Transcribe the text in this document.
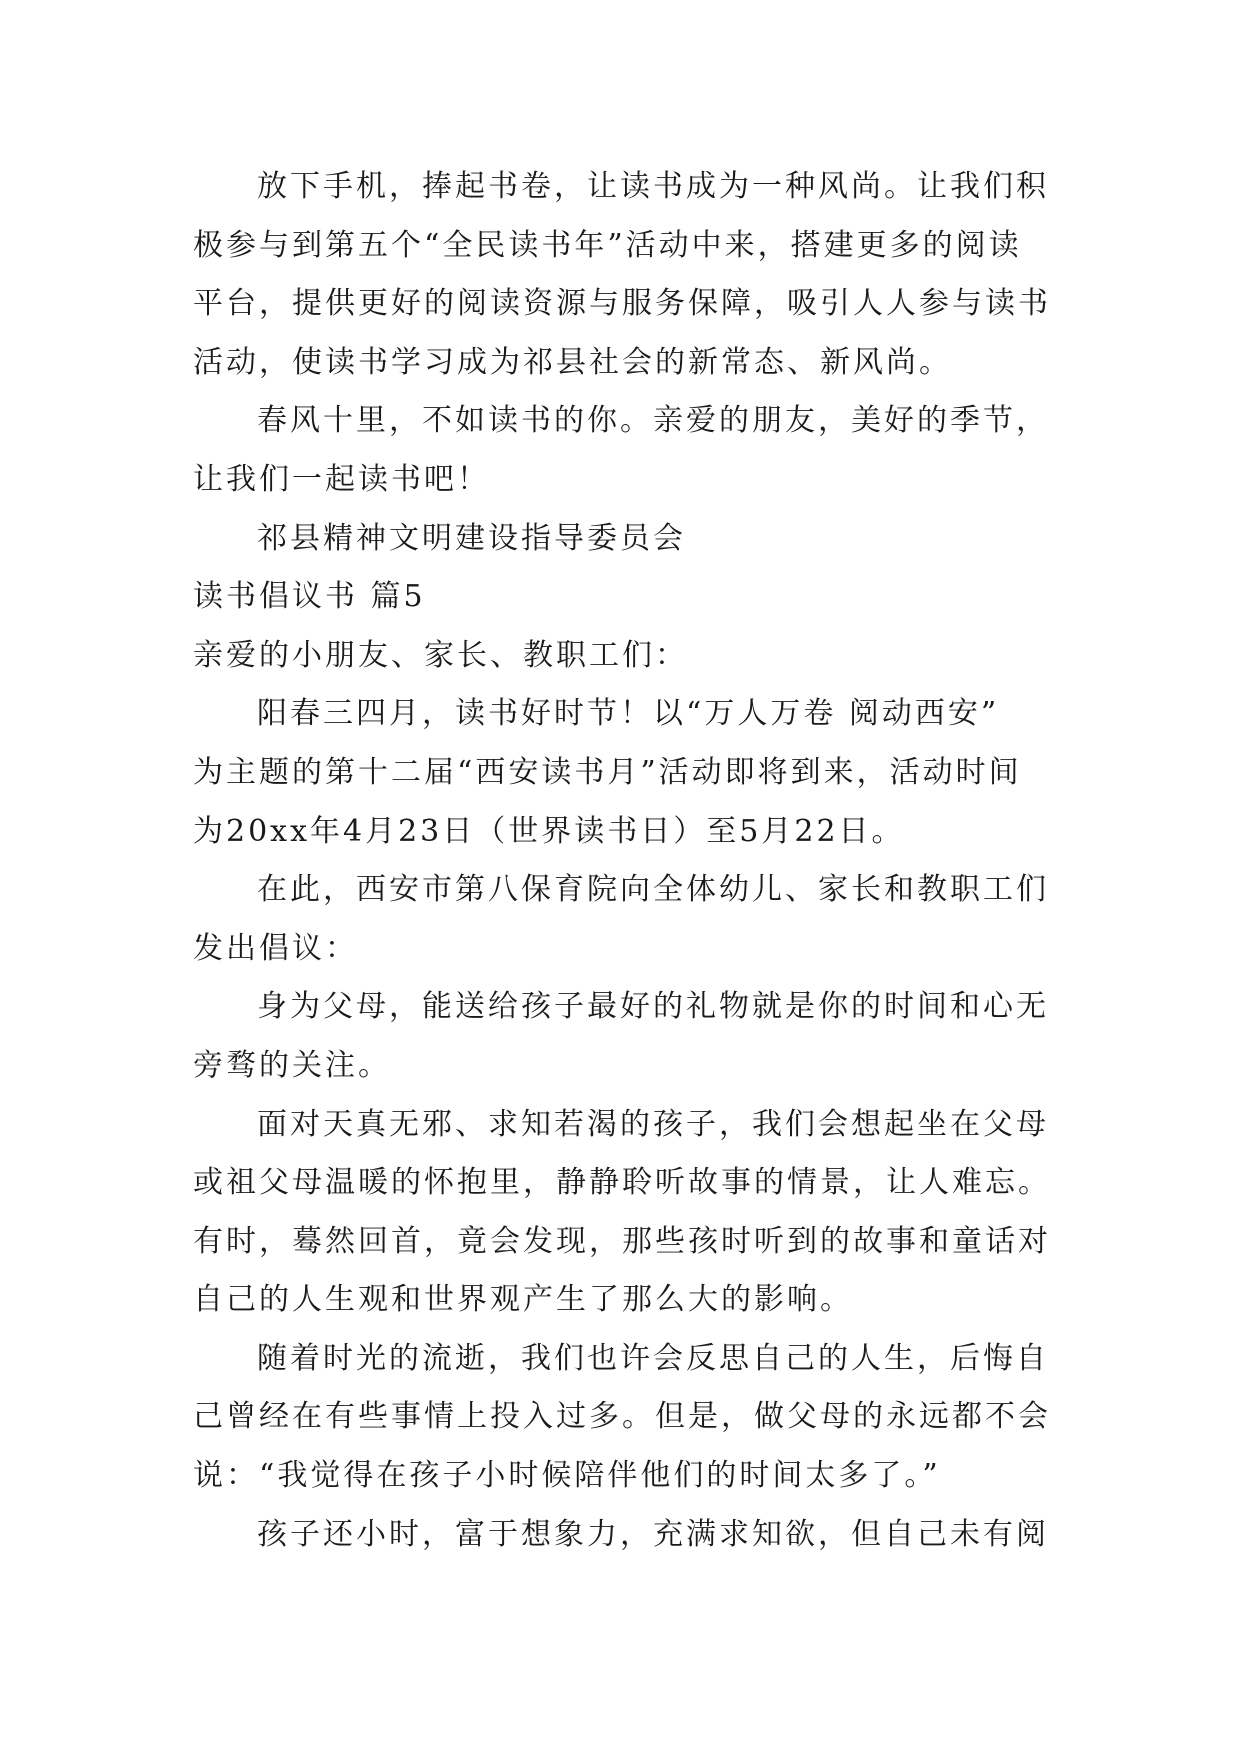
放下手机，捧起书卷，让读书成为一种风尚。让我们积
极参与到第五个“全民读书年”活动中来，搭建更多的阅读
平台，提供更好的阅读资源与服务保障，吸引人人参与读书
活动，使读书学习成为祁县社会的新常态、新风尚。
春风十里，不如读书的你。亲爱的朋友，美好的季节，
让我们一起读书吧！
祁县精神文明建设指导委员会
读书倡议书 篇5
亲爱的小朋友、家长、教职工们：
阳春三四月，读书好时节！以“万人万卷 阅动西安”
为主题的第十二届“西安读书月”活动即将到来，活动时间
为20xx年4月23日（世界读书日）至5月22日。
在此，西安市第八保育院向全体幼儿、家长和教职工们
发出倡议：
身为父母，能送给孩子最好的礼物就是你的时间和心无
旁骛的关注。
面对天真无邪、求知若渴的孩子，我们会想起坐在父母
或祖父母温暖的怀抱里，静静聆听故事的情景，让人难忘。
有时，蓦然回首，竟会发现，那些孩时听到的故事和童话对
自己的人生观和世界观产生了那么大的影响。
随着时光的流逝，我们也许会反思自己的人生，后悔自
己曾经在有些事情上投入过多。但是，做父母的永远都不会
说：“我觉得在孩子小时候陪伴他们的时间太多了。”
孩子还小时，富于想象力，充满求知欲，但自己未有阅
